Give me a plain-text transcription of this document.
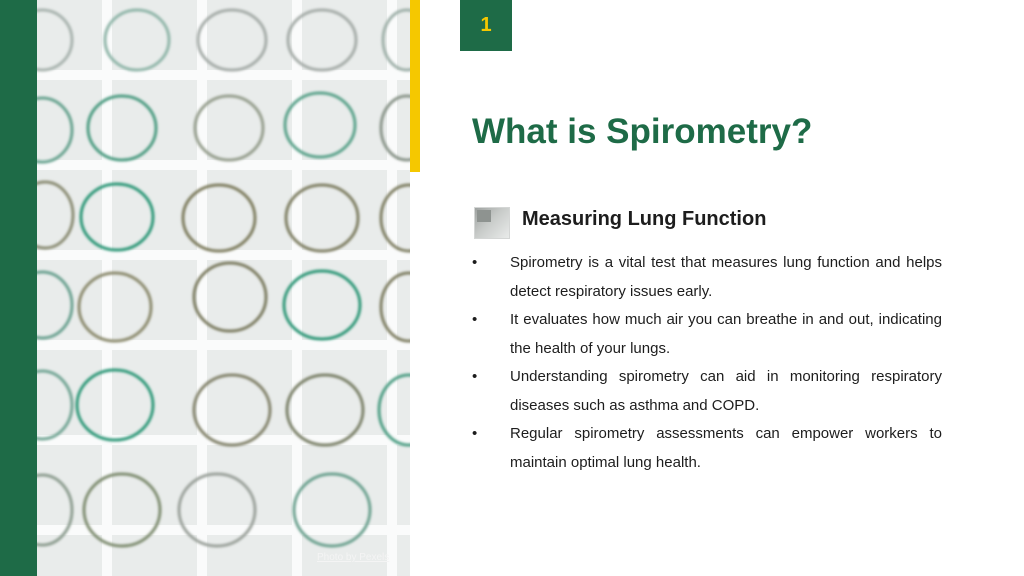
Photo by Pexels
1
What is Spirometry?
Measuring Lung Function
•	Spirometry is a vital test that measures lung function and helps detect respiratory issues early.
•	It evaluates how much air you can breathe in and out, indicating the health of your lungs.
•	Understanding spirometry can aid in monitoring respiratory diseases such as asthma and COPD.
•	Regular spirometry assessments can empower workers to maintain optimal lung health.
